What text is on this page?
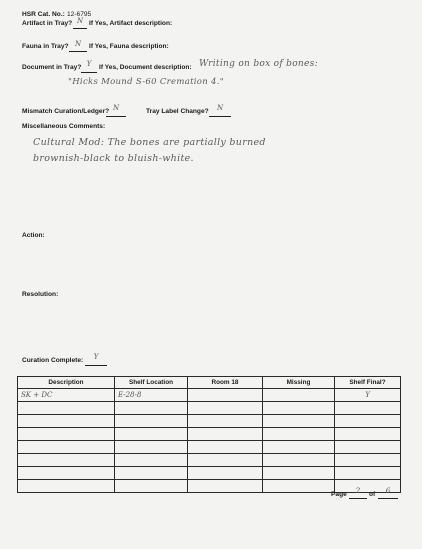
HSR Cat. No.: 12-6795
Artifact in Tray? N If Yes, Artifact description:
Fauna in Tray? N	If Yes, Fauna description:
Document in Tray? Y	If Yes, Document description: Writing on box of bones:
"Hicks Mound S-60 Cremation 4."
Mismatch Curation/Ledger? N	Tray Label Change?	N
Miscellaneous Comments:
Cultural Mod: The bones are partially burned
brownish-black to bluish-white.
Action:
Resolution:
Curation Complete:	Y
Description	Shelf Location	Room 18	Missing	Shelf Final?
SK + DC	E-28-8			Y

Page	2	of	6
